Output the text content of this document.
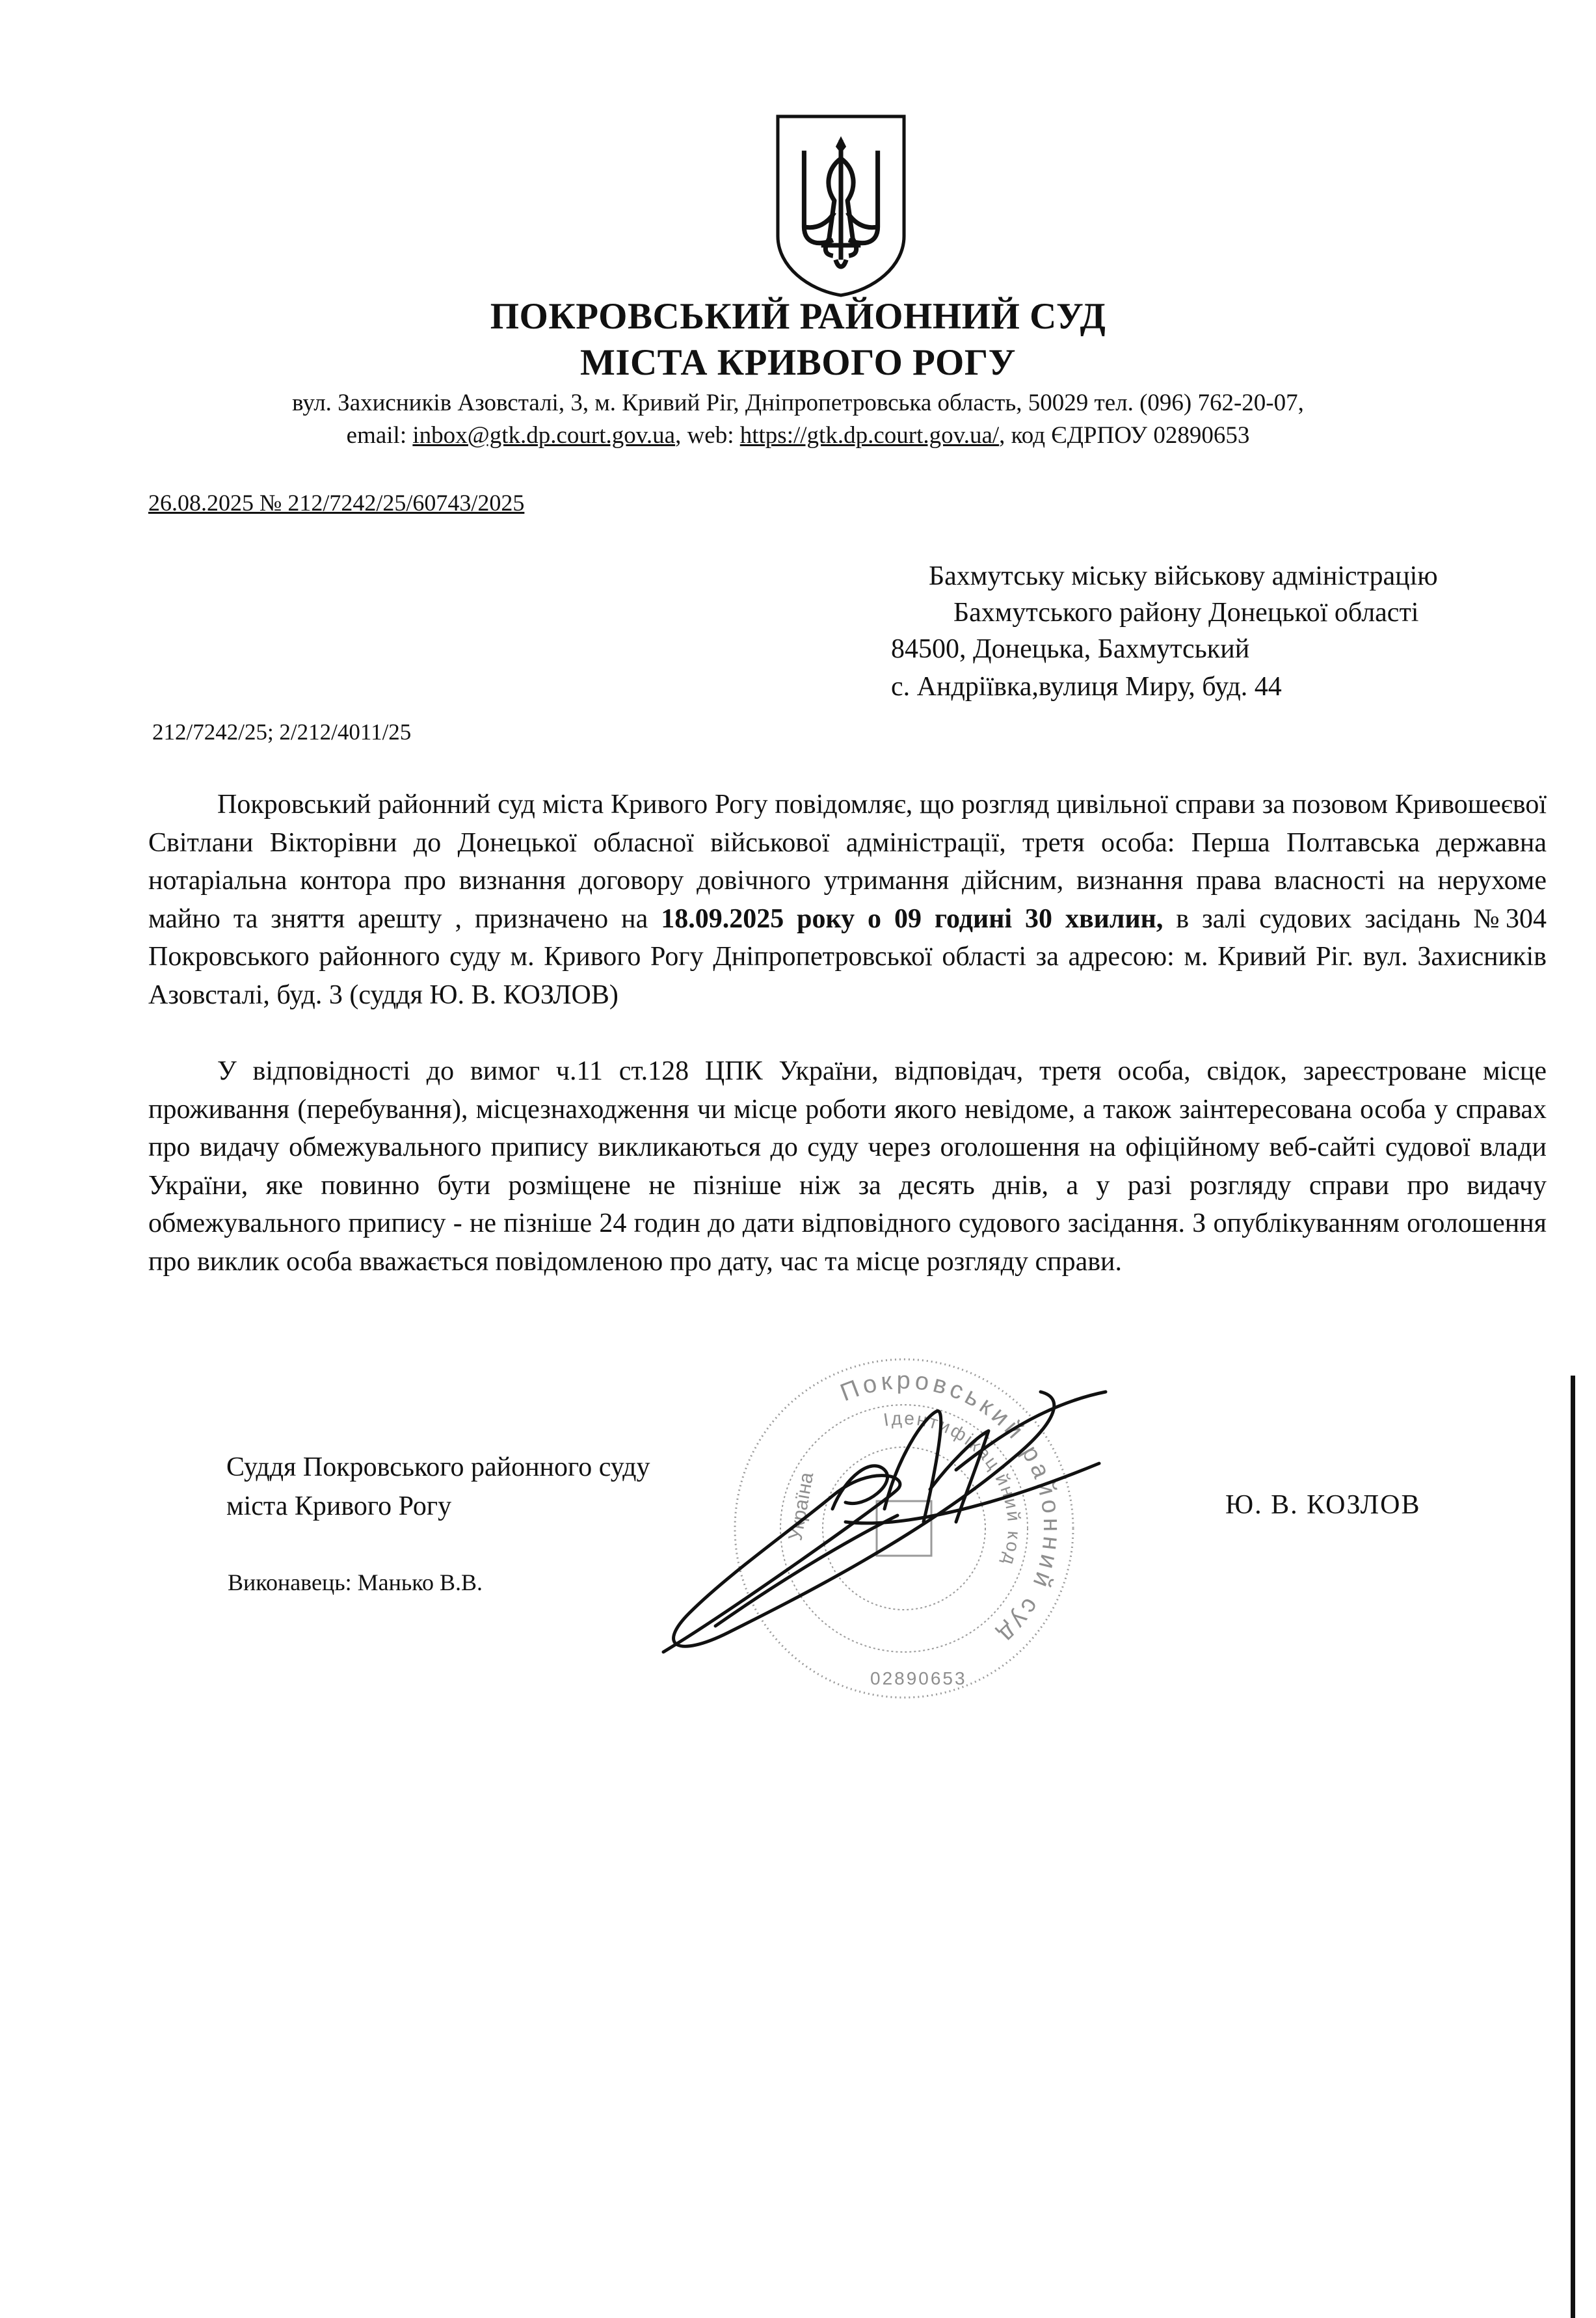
ПОКРОВСЬКИЙ РАЙОННИЙ СУД
МІСТА КРИВОГО РОГУ
вул. Захисників Азовсталі, 3, м. Кривий Ріг, Дніпропетровська область, 50029 тел. (096) 762-20-07,
email: inbox@gtk.dp.court.gov.ua, web: https://gtk.dp.court.gov.ua/, код ЄДРПОУ 02890653
26.08.2025 № 212/7242/25/60743/2025
Бахмутську міську військову адміністрацію
Бахмутського району Донецької області
84500, Донецька, Бахмутський
с. Андріївка,вулиця Миру, буд. 44
212/7242/25; 2/212/4011/25
Покровський районний суд міста Кривого Рогу повідомляє, що розгляд цивільної справи за позовом Кривошеєвої Світлани Вікторівни до Донецької обласної військової адміністрації, третя особа: Перша Полтавська державна нотаріальна контора про визнання договору довічного утримання дійсним, визнання права власності на нерухоме майно та зняття арешту , призначено на 18.09.2025 року о 09 годині 30 хвилин, в залі судових засідань №304 Покровського районного суду м. Кривого Рогу Дніпропетровської області за адресою: м. Кривий Ріг. вул. Захисників Азовсталі, буд. 3 (суддя Ю. В. КОЗЛОВ)
У відповідності до вимог ч.11 ст.128 ЦПК України, відповідач, третя особа, свідок, зареєстроване місце проживання (перебування), місцезнаходження чи місце роботи якого невідоме, а також заінтересована особа у справах про видачу обмежувального припису викликаються до суду через оголошення на офіційному веб-сайті судової влади України, яке повинно бути розміщене не пізніше ніж за десять днів, а у разі розгляду справи про видачу обмежувального припису - не пізніше 24 годин до дати відповідного судового засідання. З опублікуванням оголошення про виклик особа вважається повідомленою про дату, час та місце розгляду справи.
Суддя Покровського районного суду
міста Кривого Рогу	Ю. В. КОЗЛОВ
Виконавець: Манько В.В.
Покровський районний суд
Ідентифікаційний код
Україна
02890653
